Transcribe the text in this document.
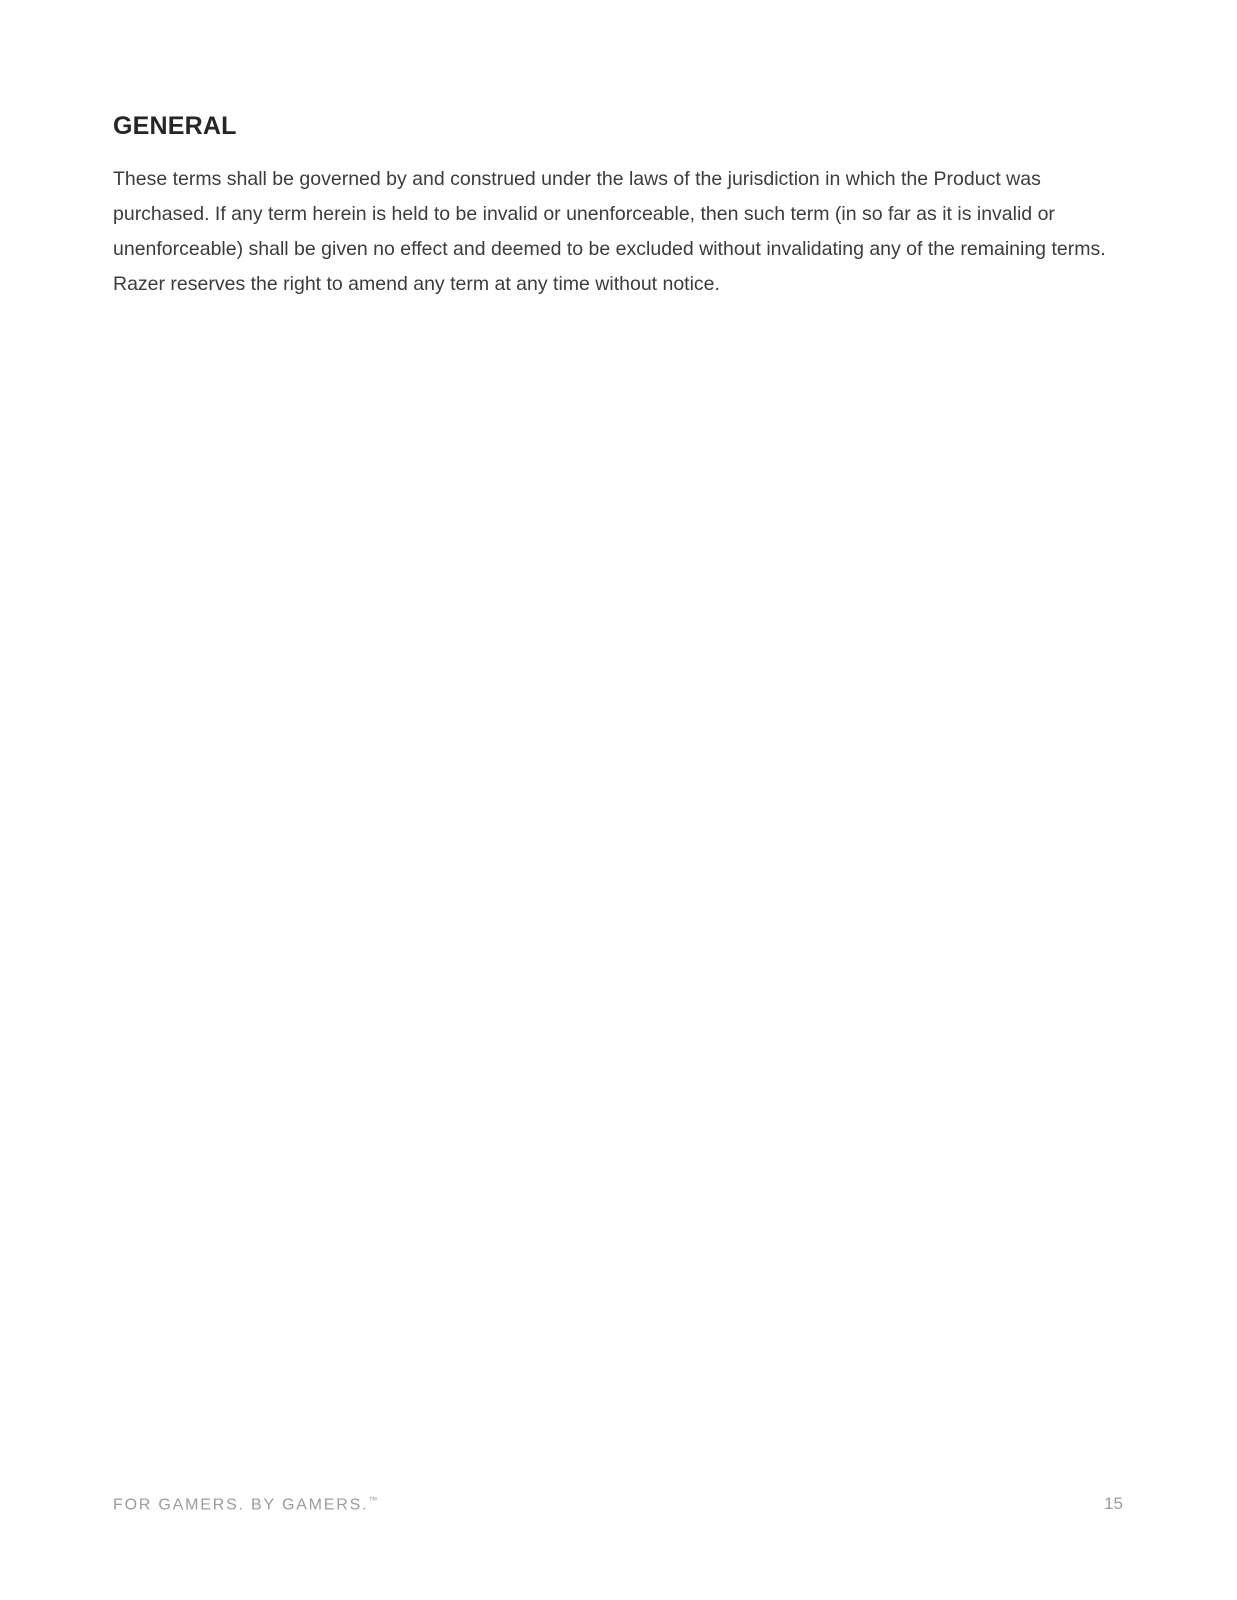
GENERAL

These terms shall be governed by and construed under the laws of the jurisdiction in which the Product was purchased. If any term herein is held to be invalid or unenforceable, then such term (in so far as it is invalid or unenforceable) shall be given no effect and deemed to be excluded without invalidating any of the remaining terms. Razer reserves the right to amend any term at any time without notice.

FOR GAMERS. BY GAMERS.™	15
